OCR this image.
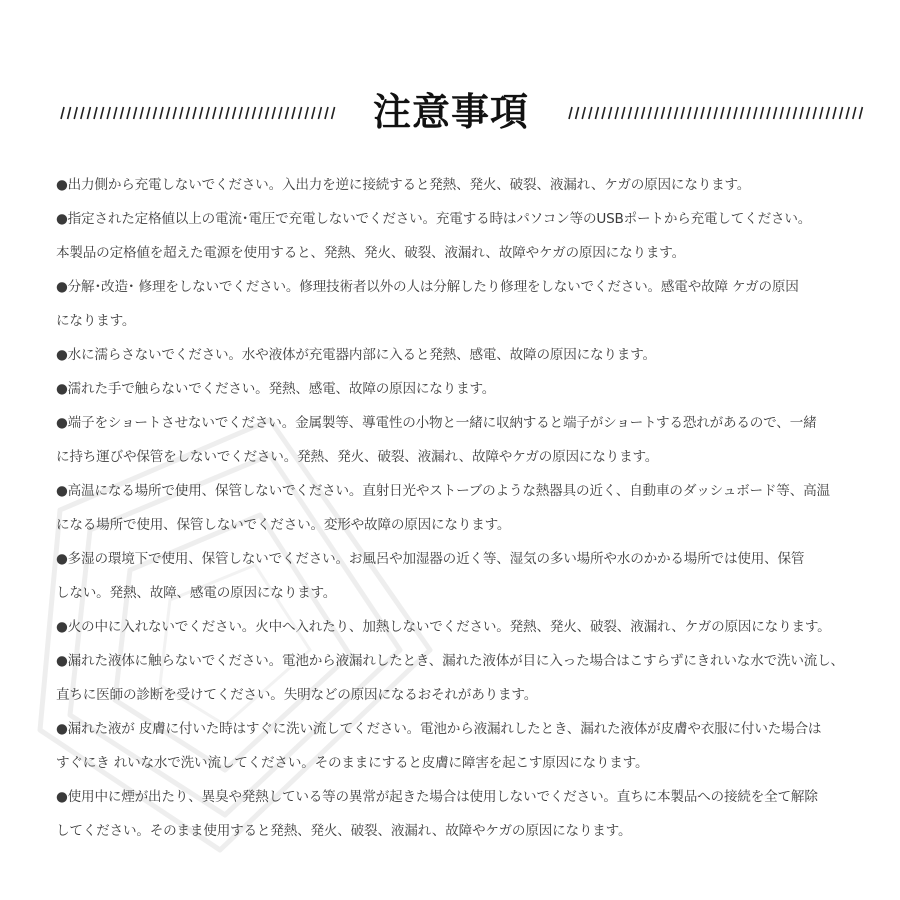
注意事項
●出力側から充電しないでください。入出力を逆に接続すると発熱、発火、破裂、液漏れ、ケガの原因になります。
●指定された定格値以上の電流･電圧で充電しないでください。充電する時はパソコン等のUSBポートから充電してください。
本製品の定格値を超えた電源を使用すると、発熱、発火、破裂、液漏れ、故障やケガの原因になります。
●分解･改造･ 修理をしないでください。修理技術者以外の人は分解したり修理をしないでください。感電や故障 ケガの原因
になります。
●水に濡らさないでください。水や液体が充電器内部に入ると発熱、感電、故障の原因になります。
●濡れた手で触らないでください。発熱、感電、故障の原因になります。
●端子をショートさせないでください。金属製等、導電性の小物と一緒に収納すると端子がショートする恐れがあるので、一緒
に持ち運びや保管をしないでください。発熱、発火、破裂、液漏れ、故障やケガの原因になります。
●高温になる場所で使用、保管しないでください。直射日光やストーブのような熱器具の近く、自動車のダッシュボード等、高温
になる場所で使用、保管しないでください。変形や故障の原因になります。
●多湿の環境下で使用、保管しないでください。お風呂や加湿器の近く等、湿気の多い場所や水のかかる場所では使用、保管
しない。発熱、故障、感電の原因になります。
●火の中に入れないでください。火中へ入れたり、加熱しないでください。発熱、発火、破裂、液漏れ、ケガの原因になります。
●漏れた液体に触らないでください。電池から液漏れしたとき、漏れた液体が目に入った場合はこすらずにきれいな水で洗い流し、
直ちに医師の診断を受けてください。失明などの原因になるおそれがあります。
●漏れた液が 皮膚に付いた時はすぐに洗い流してください。電池から液漏れしたとき、漏れた液体が皮膚や衣服に付いた場合は
すぐにき れいな水で洗い流してください。そのままにすると皮膚に障害を起こす原因になります。
●使用中に煙が出たり、異臭や発熱している等の異常が起きた場合は使用しないでください。直ちに本製品への接続を全て解除
してください。そのまま使用すると発熱、発火、破裂、液漏れ、故障やケガの原因になります。
